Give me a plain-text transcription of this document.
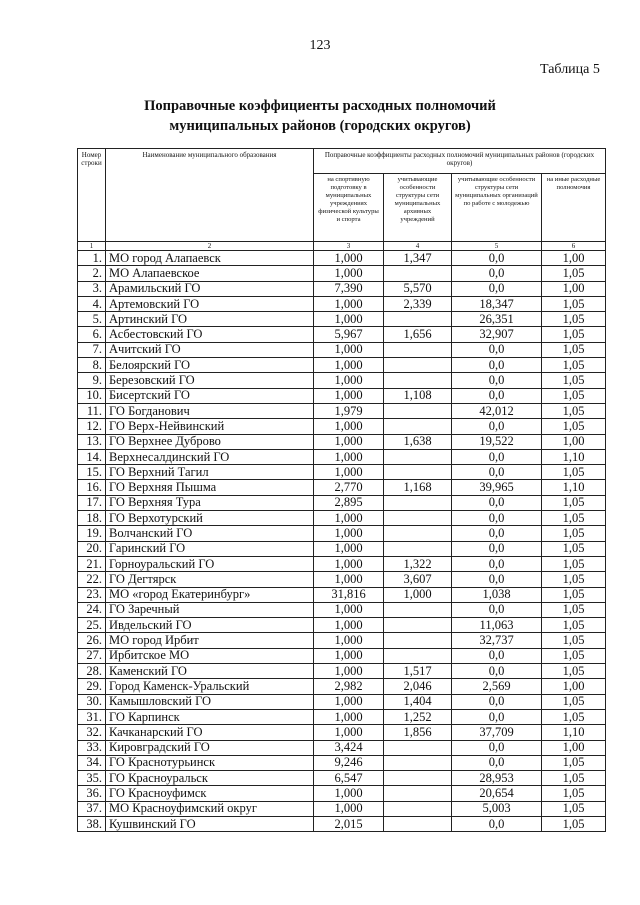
123
Таблица 5
Поправочные коэффициенты расходных полномочий
муниципальных районов (городских округов)
Номер строки	Наименование муниципального образования	Поправочные коэффициенты расходных полномочий муниципальных районов (городских округов)			
		на спортивную подготовку в муниципальных учреждениях физической культуры и спорта	учитывающие особенности структуры сети муниципальных архивных учреждений	учитывающие особенности структуры сети муниципальных организаций по работе с молодежью	на иные расходные полномочия
1	2	3	4	5	6
1.	МО город Алапаевск	1,000	1,347	0,0	1,00
2.	МО Алапаевское	1,000		0,0	1,05
3.	Арамильский ГО	7,390	5,570	0,0	1,00
4.	Артемовский ГО	1,000	2,339	18,347	1,05
5.	Артинский ГО	1,000		26,351	1,05
6.	Асбестовский ГО	5,967	1,656	32,907	1,05
7.	Ачитский ГО	1,000		0,0	1,05
8.	Белоярский ГО	1,000		0,0	1,05
9.	Березовский ГО	1,000		0,0	1,05
10.	Бисертский ГО	1,000	1,108	0,0	1,05
11.	ГО Богданович	1,979		42,012	1,05
12.	ГО Верх-Нейвинский	1,000		0,0	1,05
13.	ГО Верхнее Дуброво	1,000	1,638	19,522	1,00
14.	Верхнесалдинский ГО	1,000		0,0	1,10
15.	ГО Верхний Тагил	1,000		0,0	1,05
16.	ГО Верхняя Пышма	2,770	1,168	39,965	1,10
17.	ГО Верхняя Тура	2,895		0,0	1,05
18.	ГО Верхотурский	1,000		0,0	1,05
19.	Волчанский ГО	1,000		0,0	1,05
20.	Гаринский ГО	1,000		0,0	1,05
21.	Горноуральский ГО	1,000	1,322	0,0	1,05
22.	ГО Дегтярск	1,000	3,607	0,0	1,05
23.	МО «город Екатеринбург»	31,816	1,000	1,038	1,05
24.	ГО Заречный	1,000		0,0	1,05
25.	Ивдельский ГО	1,000		11,063	1,05
26.	МО город Ирбит	1,000		32,737	1,05
27.	Ирбитское МО	1,000		0,0	1,05
28.	Каменский ГО	1,000	1,517	0,0	1,05
29.	Город Каменск-Уральский	2,982	2,046	2,569	1,00
30.	Камышловский ГО	1,000	1,404	0,0	1,05
31.	ГО Карпинск	1,000	1,252	0,0	1,05
32.	Качканарский ГО	1,000	1,856	37,709	1,10
33.	Кировградский ГО	3,424		0,0	1,00
34.	ГО Краснотурьинск	9,246		0,0	1,05
35.	ГО Красноуральск	6,547		28,953	1,05
36.	ГО Красноуфимск	1,000		20,654	1,05
37.	МО Красноуфимский округ	1,000		5,003	1,05
38.	Кушвинский ГО	2,015		0,0	1,05
